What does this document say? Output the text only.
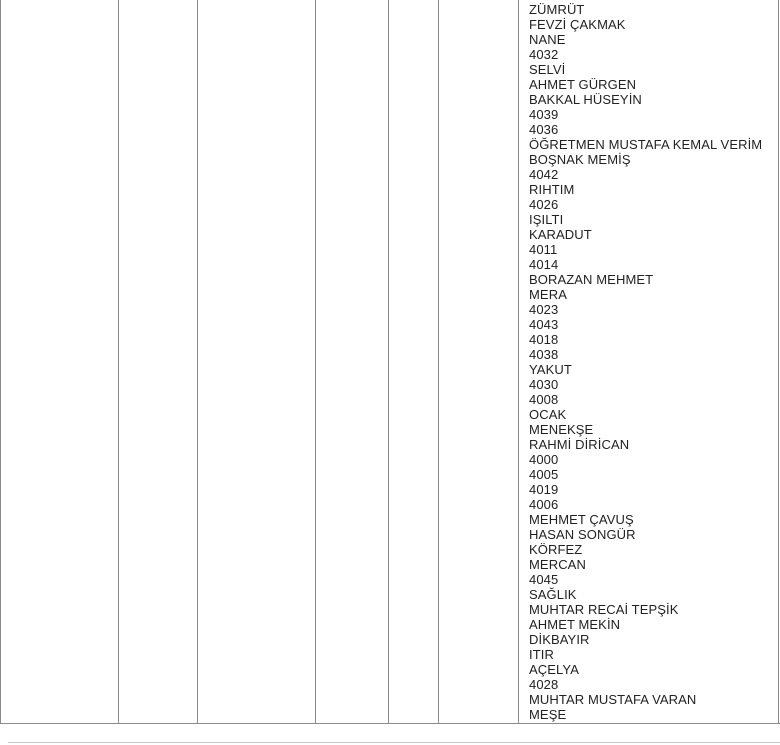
ZÜMRÜT
FEVZİ ÇAKMAK
NANE
4032
SELVİ
AHMET GÜRGEN
BAKKAL HÜSEYİN
4039
4036
ÖĞRETMEN MUSTAFA KEMAL VERİM
BOŞNAK MEMİŞ
4042
RIHTIM
4026
IŞILTI
KARADUT
4011
4014
BORAZAN MEHMET
MERA
4023
4043
4018
4038
YAKUT
4030
4008
OCAK
MENEKŞE
RAHMİ DİRİCAN
4000
4005
4019
4006
MEHMET ÇAVUŞ
HASAN SONGÜR
KÖRFEZ
MERCAN
4045
SAĞLIK
MUHTAR RECAİ TEPŞİK
AHMET MEKİN
DİKBAYIR
ITIR
AÇELYA
4028
MUHTAR MUSTAFA VARAN
MEŞE
